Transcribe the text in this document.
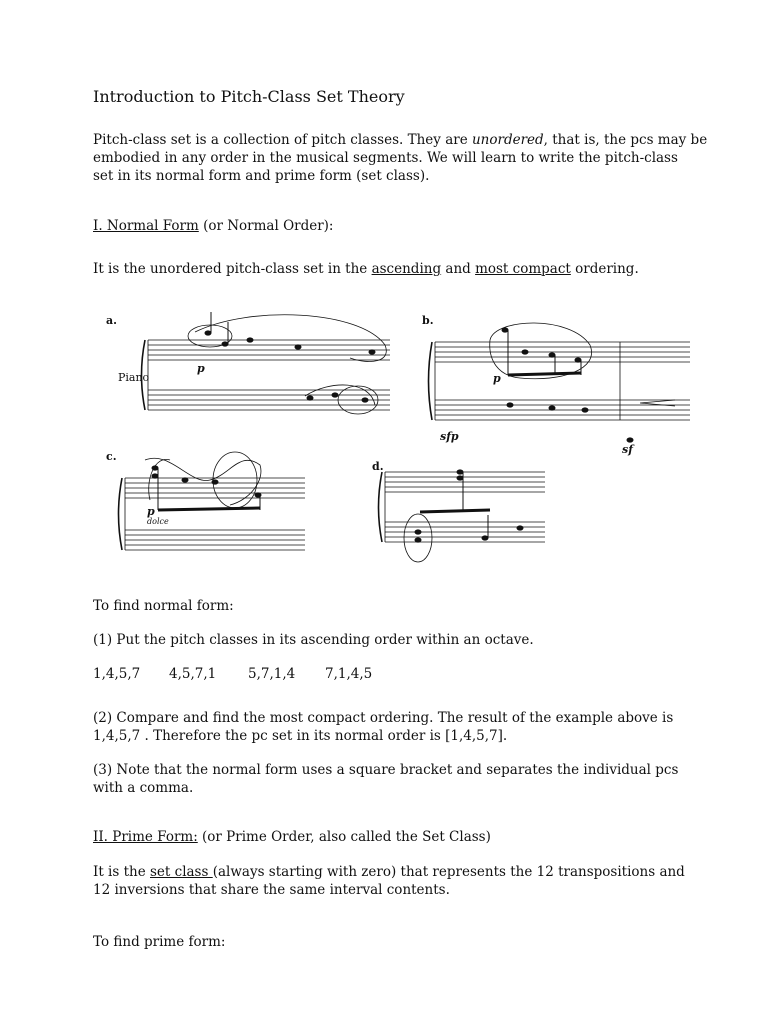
Introduction to Pitch-Class Set Theory
Pitch-class set is a collection of pitch classes. They are unordered, that is, the pcs may be
embodied in any order in the musical segments. We will learn to write the pitch-class
set in its normal form and prime form (set class).
I. Normal Form (or Normal Order):
It is the unordered pitch-class set in the ascending and most compact ordering.
a.	b.
c.
d.
Piano
p
p
sfp
sf
p
dolce
To find normal form:
(1) Put the pitch classes in its ascending order within an octave.
1,4,5,7 4,5,7,1 5,7,1,4 7,1,4,5
(2) Compare and find the most compact ordering. The result of the example above is
1,4,5,7 . Therefore the pc set in its normal order is [1,4,5,7].
(3) Note that the normal form uses a square bracket and separates the individual pcs
with a comma.
II. Prime Form: (or Prime Order, also called the Set Class)
It is the set class (always starting with zero) that represents the 12 transpositions and
12 inversions that share the same interval contents.
To find prime form:
